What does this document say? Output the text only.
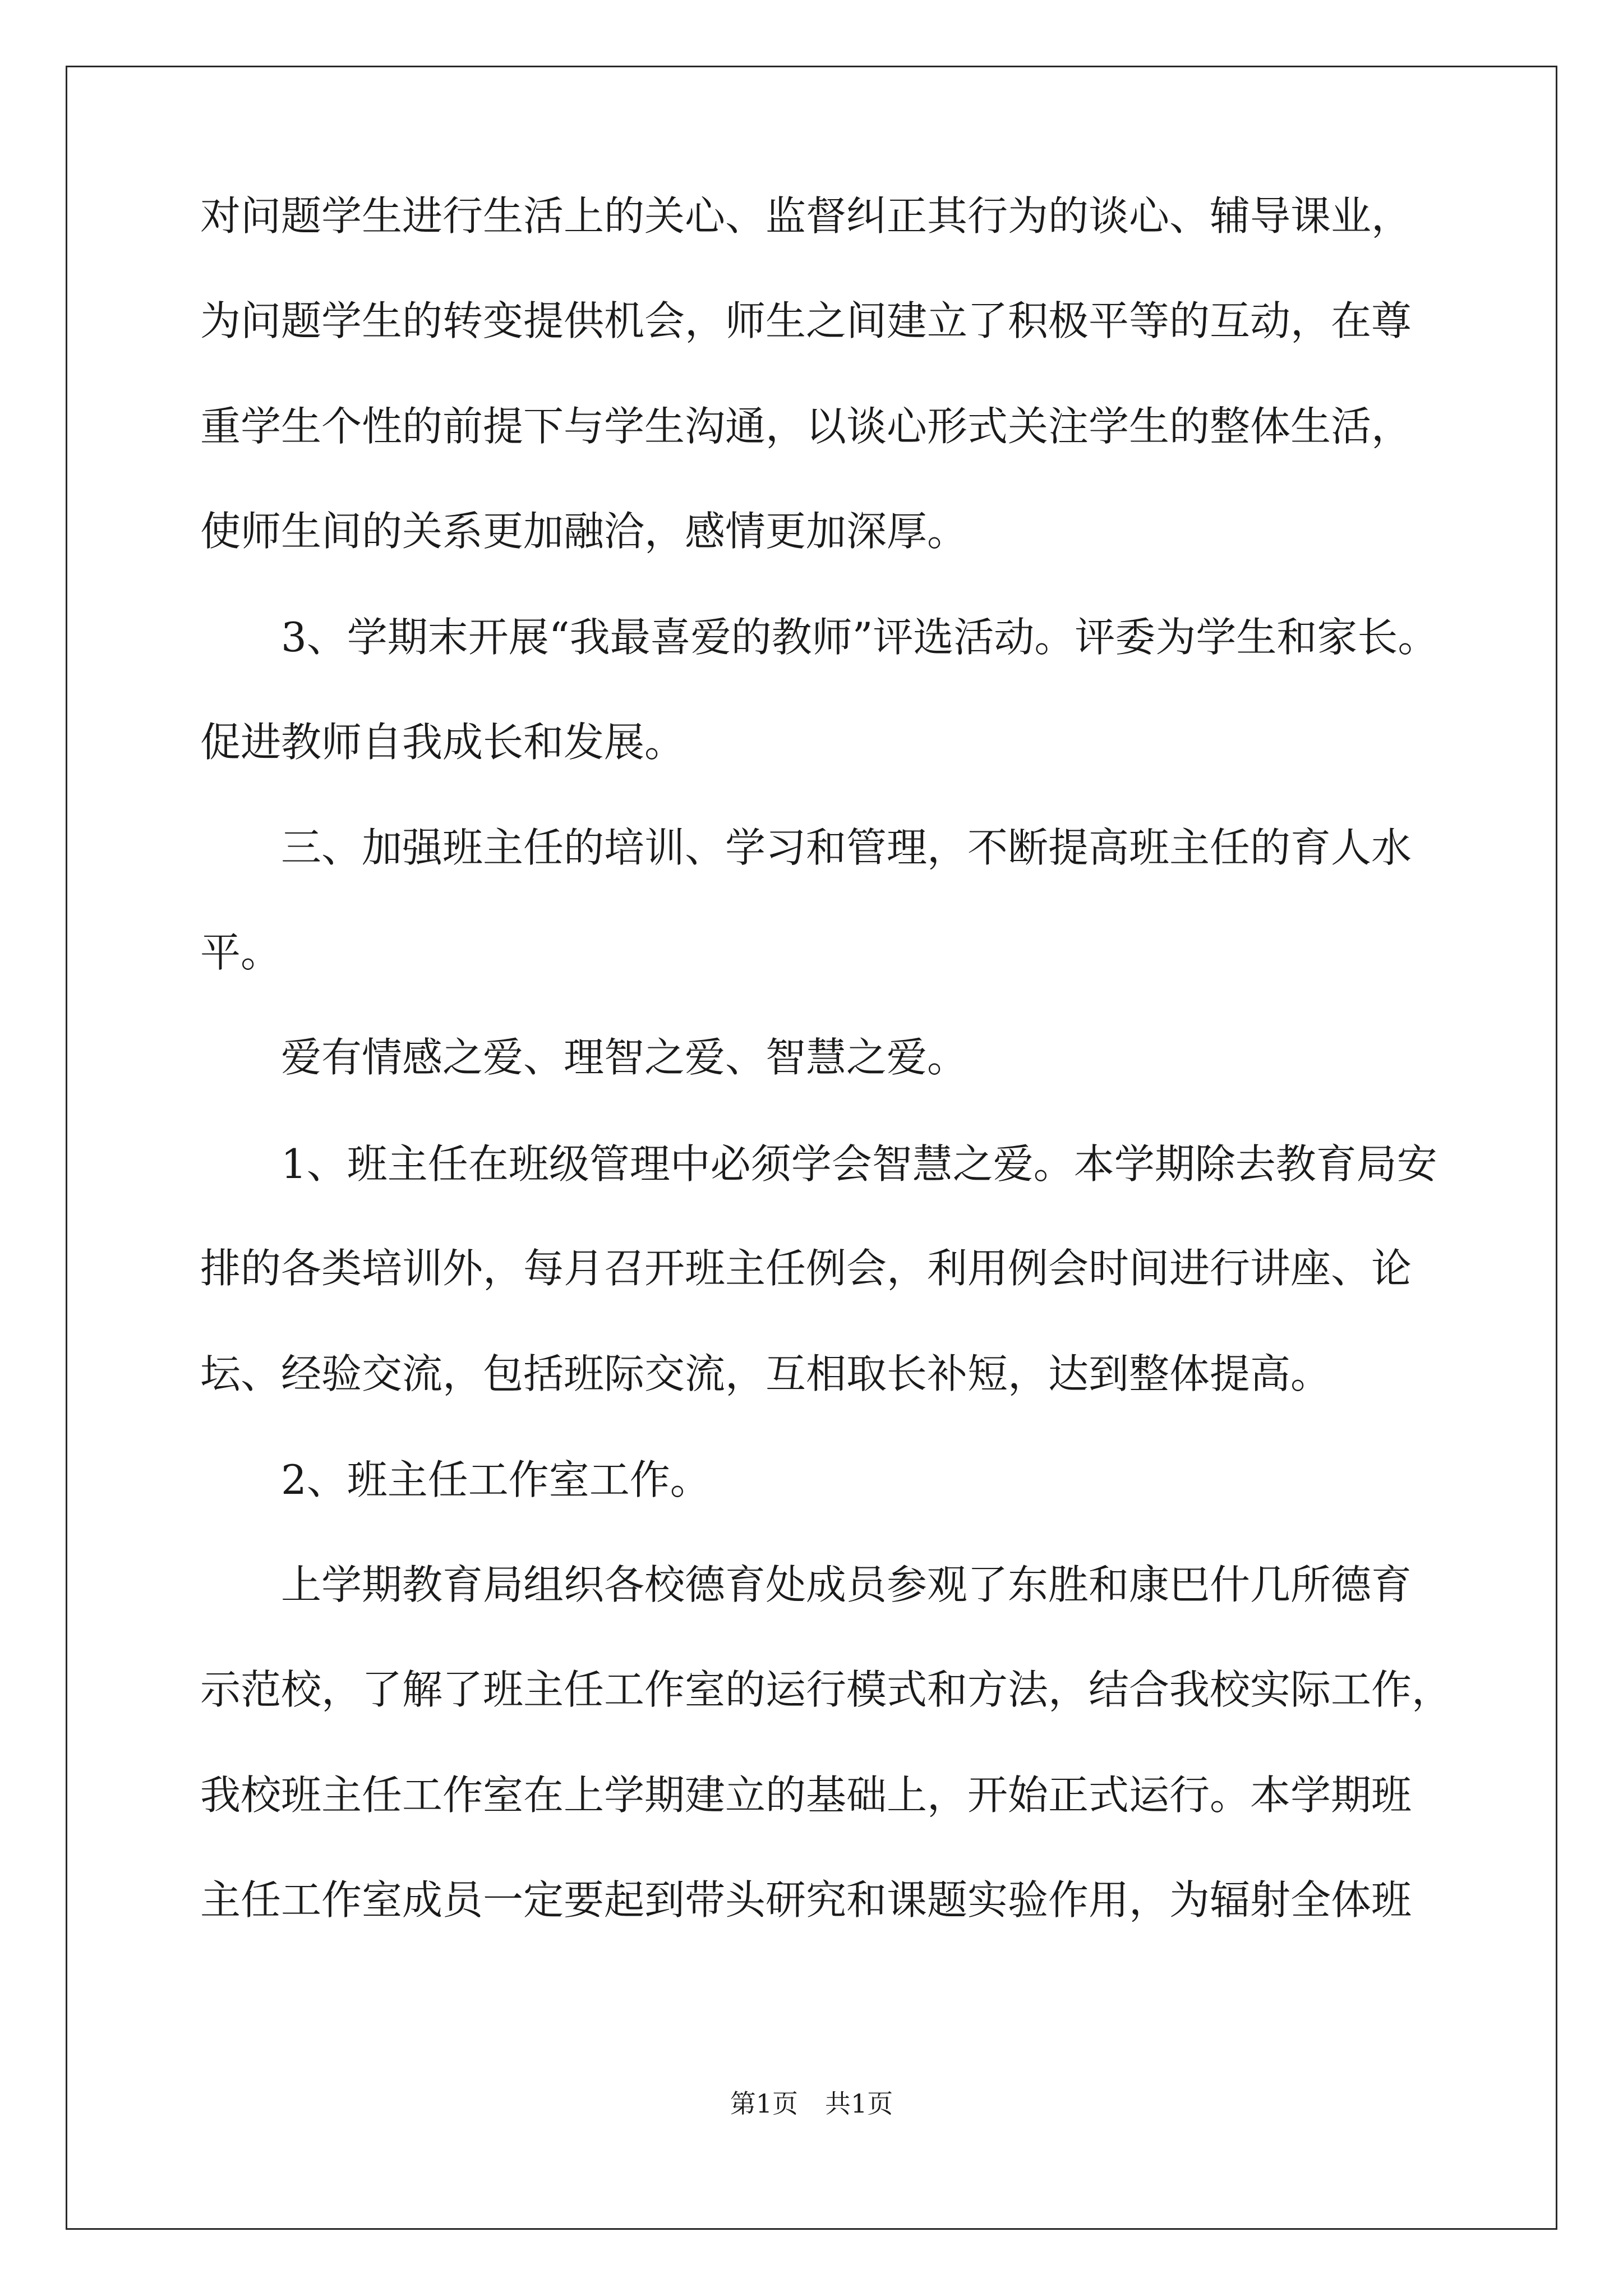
对问题学生进行生活上的关心、监督纠正其行为的谈心、辅导课业，
为问题学生的转变提供机会，师生之间建立了积极平等的互动，在尊
重学生个性的前提下与学生沟通，以谈心形式关注学生的整体生活，
使师生间的关系更加融洽，感情更加深厚。
3、学期末开展“我最喜爱的教师”评选活动。评委为学生和家长。
促进教师自我成长和发展。
三、加强班主任的培训、学习和管理，不断提高班主任的育人水
平。
爱有情感之爱、理智之爱、智慧之爱。
1、班主任在班级管理中必须学会智慧之爱。本学期除去教育局安
排的各类培训外，每月召开班主任例会，利用例会时间进行讲座、论
坛、经验交流，包括班际交流，互相取长补短，达到整体提高。
2、班主任工作室工作。
上学期教育局组织各校德育处成员参观了东胜和康巴什几所德育
示范校，了解了班主任工作室的运行模式和方法，结合我校实际工作，
我校班主任工作室在上学期建立的基础上，开始正式运行。本学期班
主任工作室成员一定要起到带头研究和课题实验作用，为辐射全体班
第1页 共1页
